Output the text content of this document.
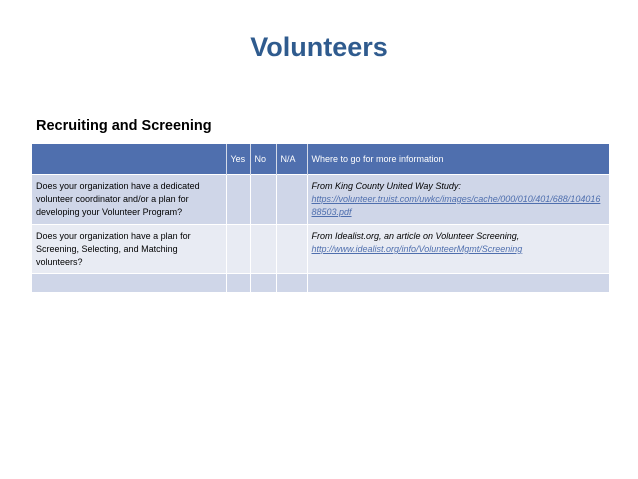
Volunteers
Recruiting and Screening
	Yes	No	N/A	Where to go for more information
Does your organization have a dedicated volunteer coordinator and/or a plan for developing your Volunteer Program?				From King County United Way Study:
https://volunteer.truist.com/uwkc/images/cache/000/010/401/688/10401688503.pdf

Does your organization have a plan for Screening, Selecting, and Matching volunteers?				From Idealist.org, an article on Volunteer Screening,
http://www.idealist.org/info/VolunteerMgmt/Screening
